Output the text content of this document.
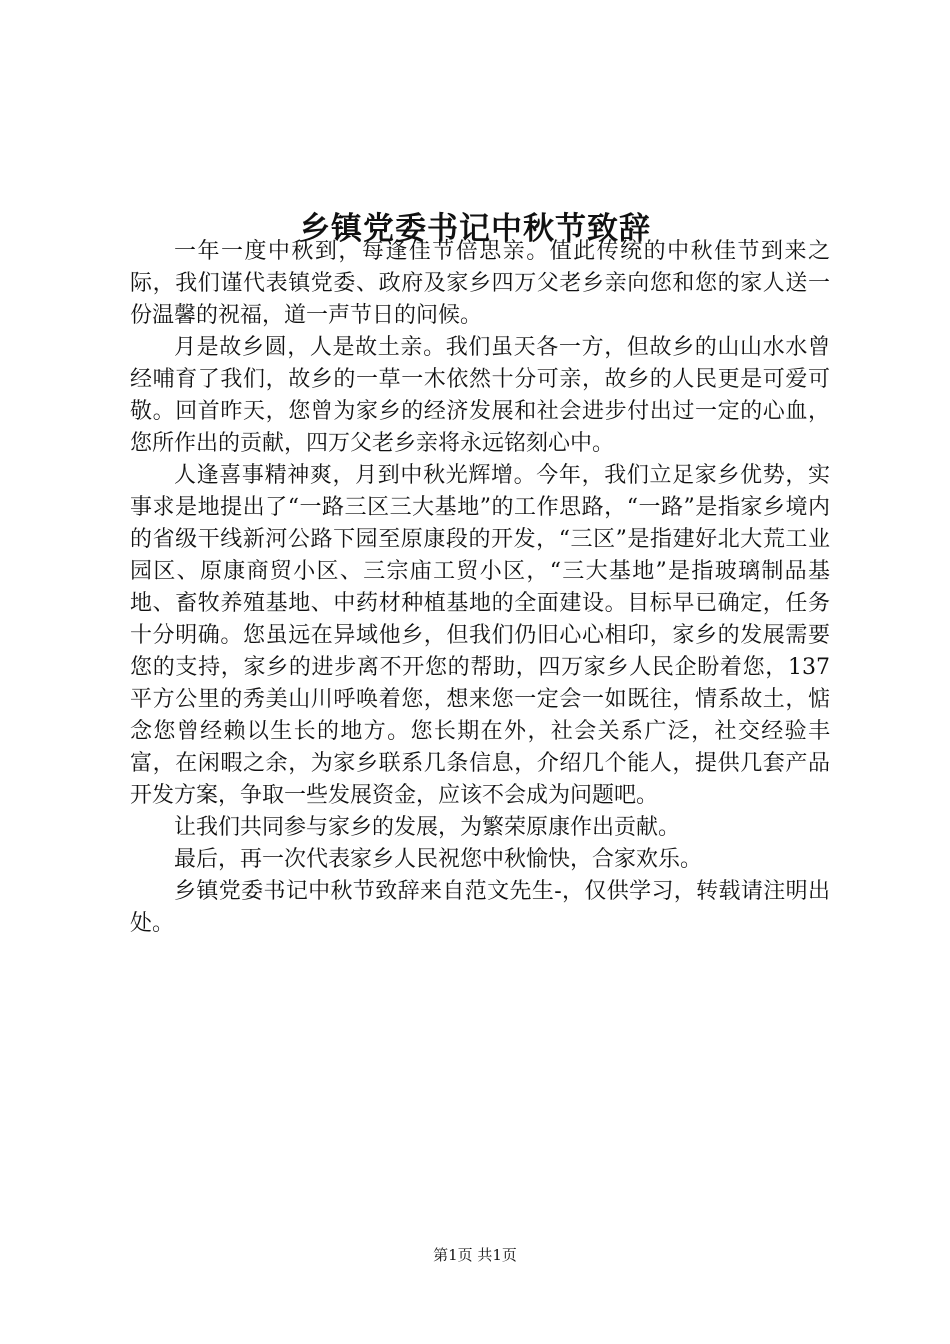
乡镇党委书记中秋节致辞

一年一度中秋到，每逢佳节倍思亲。值此传统的中秋佳节到来之际，我们谨代表镇党委、政府及家乡四万父老乡亲向您和您的家人送一份温馨的祝福，道一声节日的问候。

月是故乡圆，人是故土亲。我们虽天各一方，但故乡的山山水水曾经哺育了我们，故乡的一草一木依然十分可亲，故乡的人民更是可爱可敬。回首昨天，您曾为家乡的经济发展和社会进步付出过一定的心血，您所作出的贡献，四万父老乡亲将永远铭刻心中。

人逢喜事精神爽，月到中秋光辉增。今年，我们立足家乡优势，实事求是地提出了“一路三区三大基地”的工作思路，“一路”是指家乡境内的省级干线新河公路下园至原康段的开发，“三区”是指建好北大荒工业园区、原康商贸小区、三宗庙工贸小区，“三大基地”是指玻璃制品基地、畜牧养殖基地、中药材种植基地的全面建设。目标早已确定，任务十分明确。您虽远在异域他乡，但我们仍旧心心相印，家乡的发展需要您的支持，家乡的进步离不开您的帮助，四万家乡人民企盼着您，137平方公里的秀美山川呼唤着您，想来您一定会一如既往，情系故土，惦念您曾经赖以生长的地方。您长期在外，社会关系广泛，社交经验丰富，在闲暇之余，为家乡联系几条信息，介绍几个能人，提供几套产品开发方案，争取一些发展资金，应该不会成为问题吧。

让我们共同参与家乡的发展，为繁荣原康作出贡献。

最后，再一次代表家乡人民祝您中秋愉快，合家欢乐。

乡镇党委书记中秋节致辞来自范文先生-，仅供学习，转载请注明出处。

第1页 共1页
